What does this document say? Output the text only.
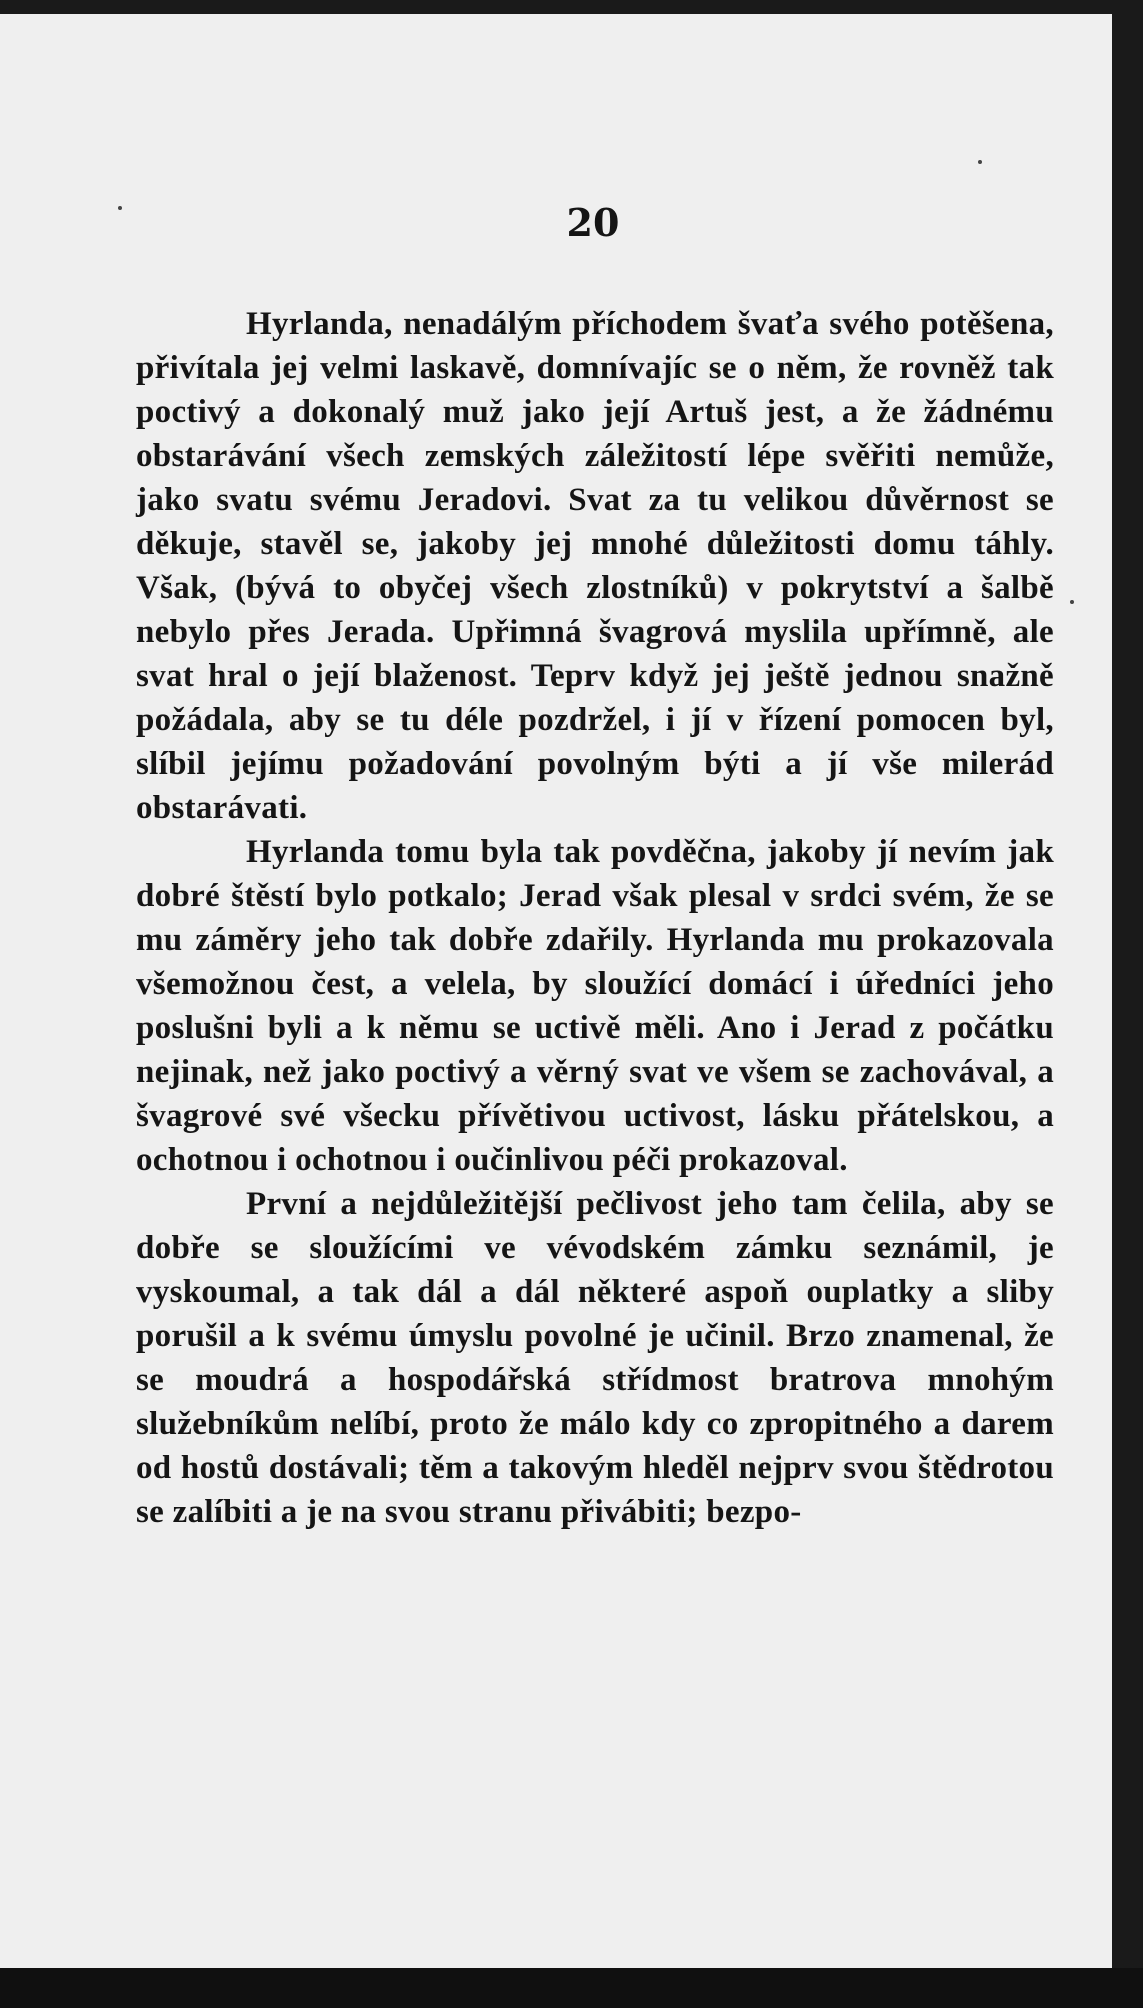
20

Hyrlanda, nenadálým příchodem švaťa svého potěšena, přivítala jej velmi laskavě, domnívajíc se o něm, že rovněž tak poctivý a dokonalý muž jako její Artuš jest, a že žádnému obstarávání všech zemských záležitostí lépe svěřiti nemůže, jako svatu svému Jeradovi. Svat za tu velikou důvěrnost se děkuje, stavěl se, jakoby jej mnohé důležitosti domu táhly. Však, (bývá to obyčej všech zlostníků) v pokrytství a šalbě nebylo přes Jerada. Upřimná švagrová myslila upřímně, ale svat hral o její blaženost. Teprv když jej ještě jednou snažně požádala, aby se tu déle pozdržel, i jí v řízení pomocen byl, slíbil jejímu požadování povolným býti a jí vše milerád obstarávati.

Hyrlanda tomu byla tak povděčna, jakoby jí nevím jak dobré štěstí bylo potkalo; Jerad však plesal v srdci svém, že se mu záměry jeho tak dobře zdařily. Hyrlanda mu prokazovala všemožnou čest, a velela, by sloužící domácí i úředníci jeho poslušni byli a k němu se uctivě měli. Ano i Jerad z počátku nejinak, než jako poctivý a věrný svat ve všem se zachovával, a švagrové své všecku přívětivou uctivost, lásku přátelskou, a ochotnou i ochotnou i oučinlivou péči prokazoval.

První a nejdůležitější pečlivost jeho tam čelila, aby se dobře se sloužícími ve vévodském zámku seznámil, je vyskoumal, a tak dál a dál některé aspoň ouplatky a sliby porušil a k svému úmyslu povolné je učinil. Brzo znamenal, že se moudrá a hospodářská střídmost bratrova mnohým služebníkům nelíbí, proto že málo kdy co zpropitného a darem od hostů dostávali; těm a takovým hleděl nejprv svou štědrotou se zalíbiti a je na svou stranu přivábiti; bezpo-
